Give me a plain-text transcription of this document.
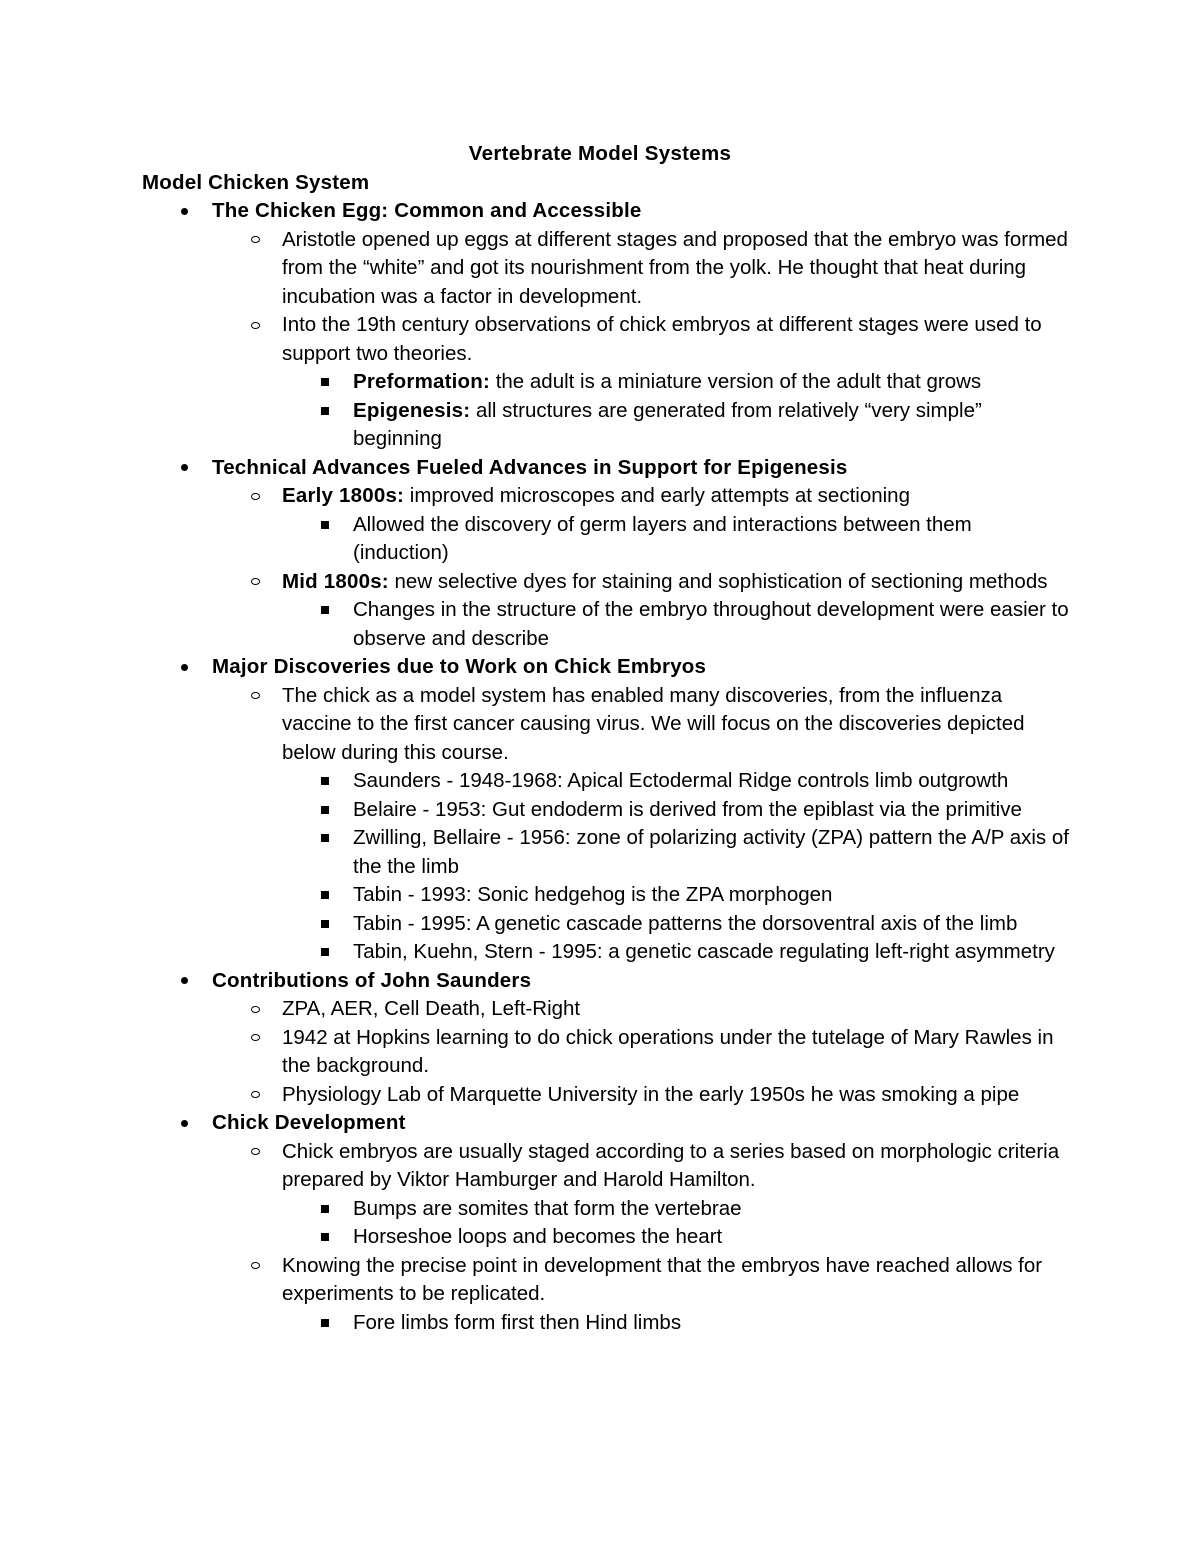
Vertebrate Model Systems
Model Chicken System
The Chicken Egg: Common and Accessible
Aristotle opened up eggs at different stages and proposed that the embryo was formed from the “white” and got its nourishment from the yolk. He thought that heat during incubation was a factor in development.
Into the 19th century observations of chick embryos at different stages were used to support two theories.
Preformation: the adult is a miniature version of the adult that grows
Epigenesis: all structures are generated from relatively “very simple” beginning
Technical Advances Fueled Advances in Support for Epigenesis
Early 1800s: improved microscopes and early attempts at sectioning
Allowed the discovery of germ layers and interactions between them (induction)
Mid 1800s: new selective dyes for staining and sophistication of sectioning methods
Changes in the structure of the embryo throughout development were easier to observe and describe
Major Discoveries due to Work on Chick Embryos
The chick as a model system has enabled many discoveries, from the influenza vaccine to the first cancer causing virus. We will focus on the discoveries depicted below during this course.
Saunders - 1948-1968: Apical Ectodermal Ridge controls limb outgrowth
Belaire - 1953: Gut endoderm is derived from the epiblast via the primitive
Zwilling, Bellaire - 1956: zone of polarizing activity (ZPA) pattern the A/P axis of the the limb
Tabin - 1993: Sonic hedgehog is the ZPA morphogen
Tabin - 1995: A genetic cascade patterns the dorsoventral axis of the limb
Tabin, Kuehn, Stern - 1995: a genetic cascade regulating left-right asymmetry
Contributions of John Saunders
ZPA, AER, Cell Death, Left-Right
1942 at Hopkins learning to do chick operations under the tutelage of Mary Rawles in the background.
Physiology Lab of Marquette University in the early 1950s he was smoking a pipe
Chick Development
Chick embryos are usually staged according to a series based on morphologic criteria prepared by Viktor Hamburger and Harold Hamilton.
Bumps are somites that form the vertebrae
Horseshoe loops and becomes the heart
Knowing the precise point in development that the embryos have reached allows for experiments to be replicated.
Fore limbs form first then Hind limbs
